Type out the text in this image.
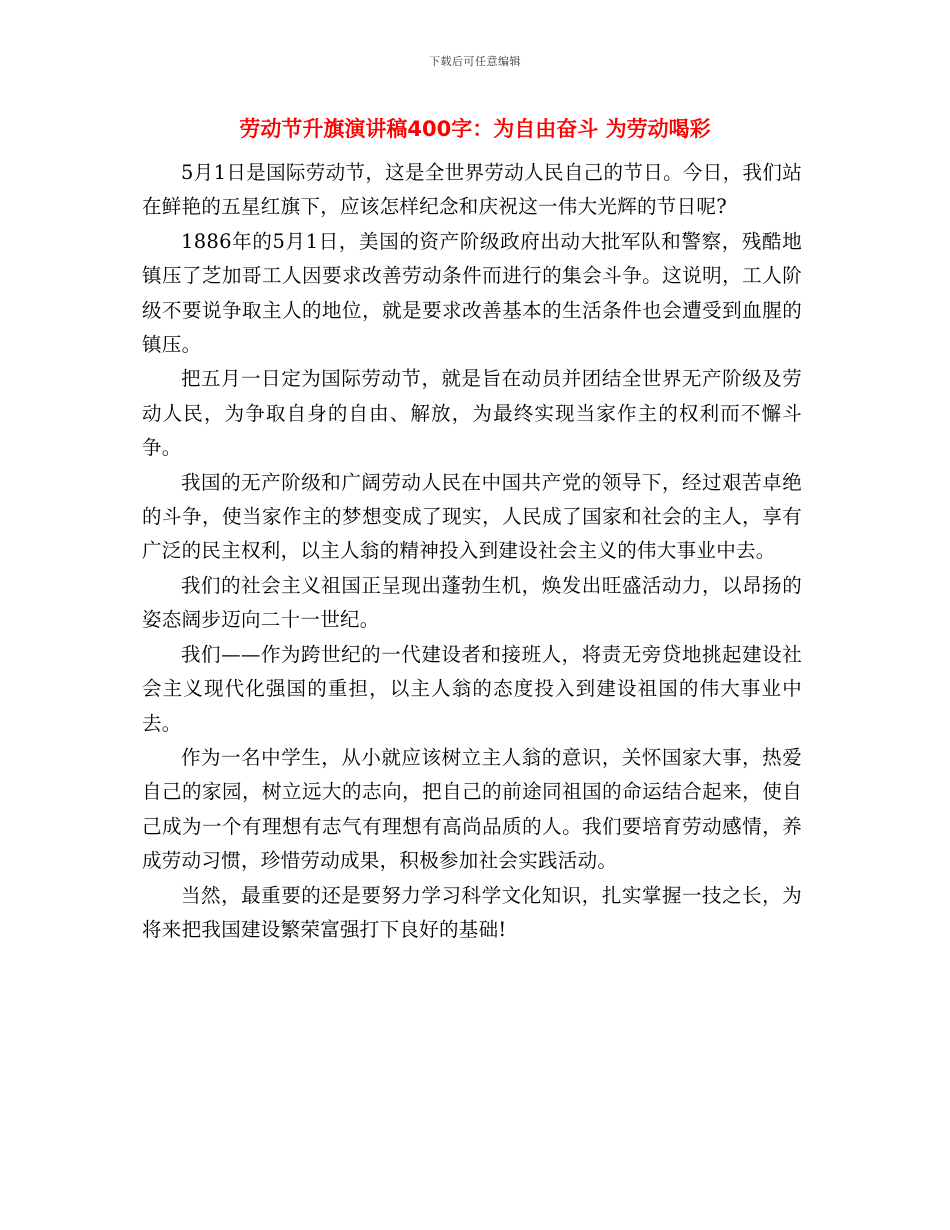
下载后可任意编辑
劳动节升旗演讲稿400字：为自由奋斗 为劳动喝彩

5月1日是国际劳动节，这是全世界劳动人民自己的节日。今日，我们站在鲜艳的五星红旗下，应该怎样纪念和庆祝这一伟大光辉的节日呢?

1886年的5月1日，美国的资产阶级政府出动大批军队和警察，残酷地镇压了芝加哥工人因要求改善劳动条件而进行的集会斗争。这说明，工人阶级不要说争取主人的地位，就是要求改善基本的生活条件也会遭受到血腥的镇压。

把五月一日定为国际劳动节，就是旨在动员并团结全世界无产阶级及劳动人民，为争取自身的自由、解放，为最终实现当家作主的权利而不懈斗争。

我国的无产阶级和广阔劳动人民在中国共产党的领导下，经过艰苦卓绝的斗争，使当家作主的梦想变成了现实，人民成了国家和社会的主人，享有广泛的民主权利，以主人翁的精神投入到建设社会主义的伟大事业中去。

我们的社会主义祖国正呈现出蓬勃生机，焕发出旺盛活动力，以昂扬的姿态阔步迈向二十一世纪。

我们——作为跨世纪的一代建设者和接班人，将责无旁贷地挑起建设社会主义现代化强国的重担，以主人翁的态度投入到建设祖国的伟大事业中去。

作为一名中学生，从小就应该树立主人翁的意识，关怀国家大事，热爱自己的家园，树立远大的志向，把自己的前途同祖国的命运结合起来，使自己成为一个有理想有志气有理想有高尚品质的人。我们要培育劳动感情，养成劳动习惯，珍惜劳动成果，积极参加社会实践活动。

当然，最重要的还是要努力学习科学文化知识，扎实掌握一技之长，为将来把我国建设繁荣富强打下良好的基础!
